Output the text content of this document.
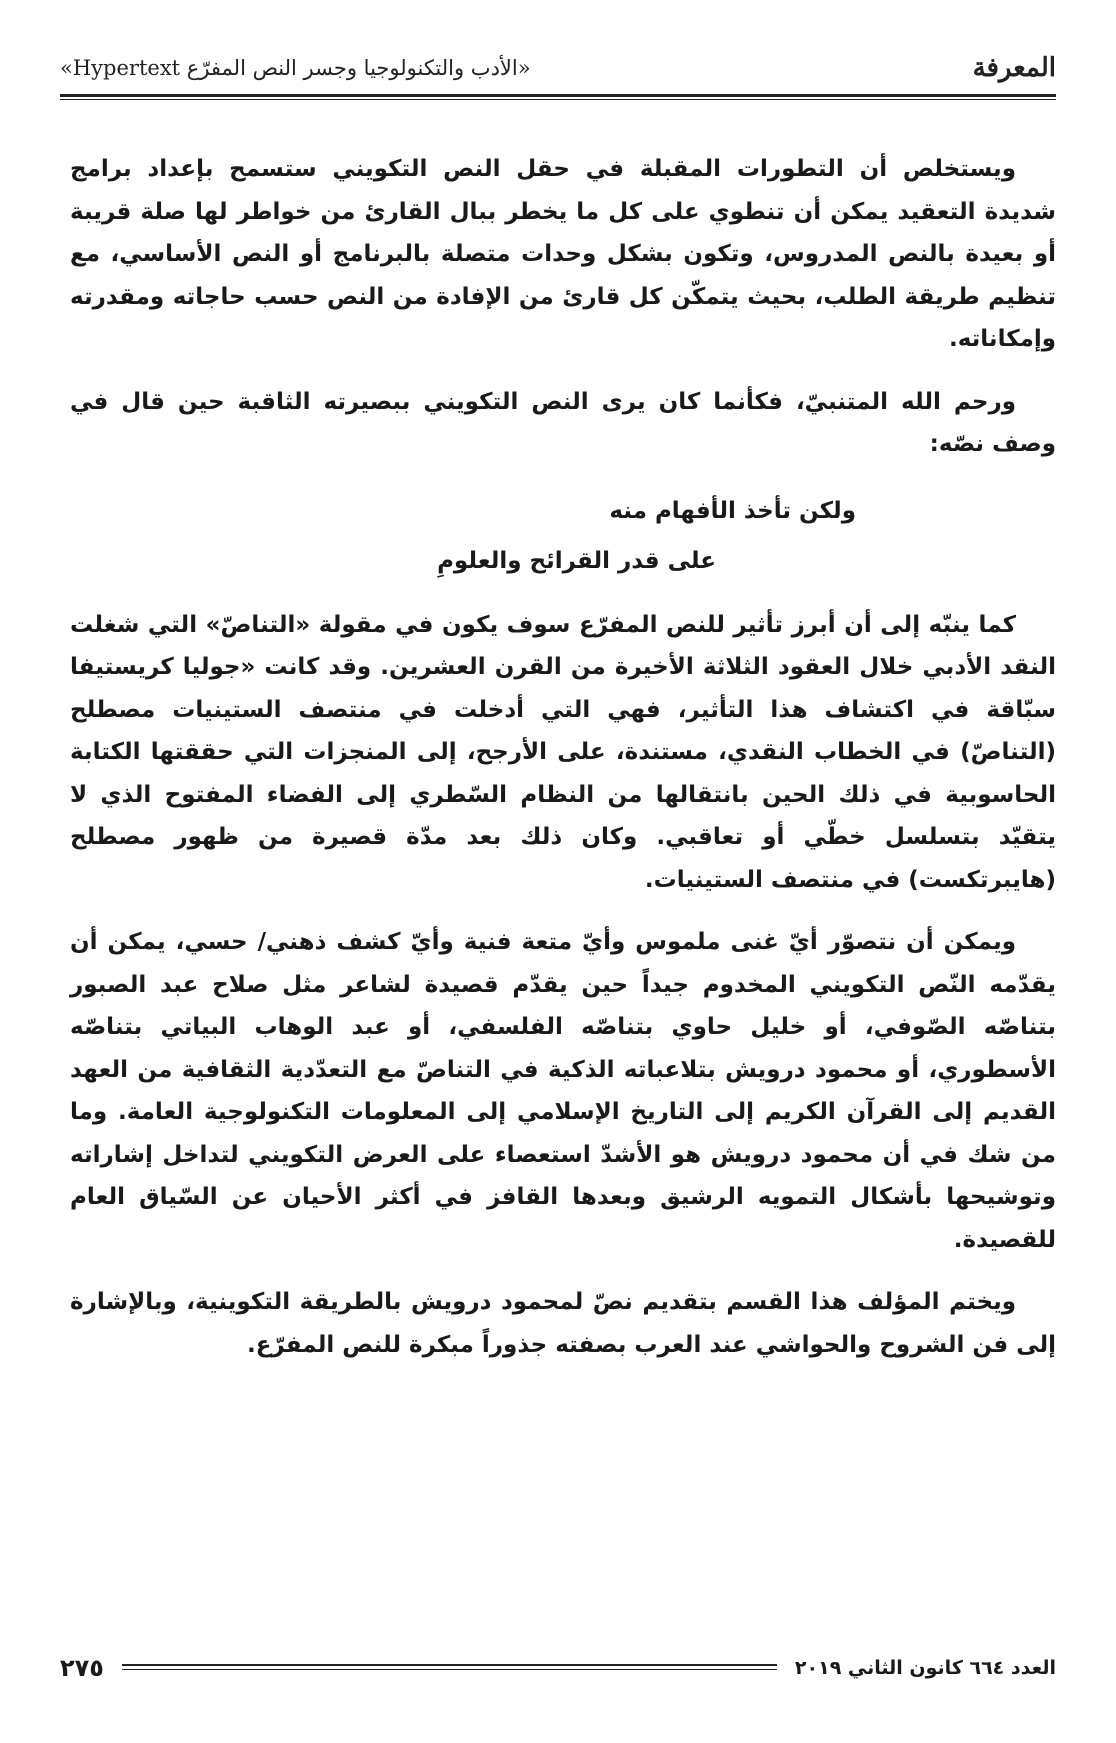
المعرفة
«الأدب والتكنولوجيا وجسر النص المفرّع Hypertext»

ويستخلص أن التطورات المقبلة في حقل النص التكويني ستسمح بإعداد برامج شديدة التعقيد يمكن أن تنطوي على كل ما يخطر ببال القارئ من خواطر لها صلة قريبة أو بعيدة بالنص المدروس، وتكون بشكل وحدات متصلة بالبرنامج أو النص الأساسي، مع تنظيم طريقة الطلب، بحيث يتمكّن كل قارئ من الإفادة من النص حسب حاجاته ومقدرته وإمكاناته.

ورحم الله المتنبيّ، فكأنما كان يرى النص التكويني ببصيرته الثاقبة حين قال في وصف نصّه:

ولكن تأخذ الأفهام منه
على قدر القرائح والعلومِ

كما ينبّه إلى أن أبرز تأثير للنص المفرّع سوف يكون في مقولة «التناصّ» التي شغلت النقد الأدبي خلال العقود الثلاثة الأخيرة من القرن العشرين. وقد كانت «جوليا كريستيفا سبّاقة في اكتشاف هذا التأثير، فهي التي أدخلت في منتصف الستينيات مصطلح (التناصّ) في الخطاب النقدي، مستندة، على الأرجح، إلى المنجزات التي حققتها الكتابة الحاسوبية في ذلك الحين بانتقالها من النظام السّطري إلى الفضاء المفتوح الذي لا يتقيّد بتسلسل خطّي أو تعاقبي. وكان ذلك بعد مدّة قصيرة من ظهور مصطلح (هايبرتكست) في منتصف الستينيات.

ويمكن أن نتصوّر أيّ غنى ملموس وأيّ متعة فنية وأيّ كشف ذهني/ حسي، يمكن أن يقدّمه النّص التكويني المخدوم جيداً حين يقدّم قصيدة لشاعر مثل صلاح عبد الصبور بتناصّه الصّوفي، أو خليل حاوي بتناصّه الفلسفي، أو عبد الوهاب البياتي بتناصّه الأسطوري، أو محمود درويش بتلاعباته الذكية في التناصّ مع التعدّدية الثقافية من العهد القديم إلى القرآن الكريم إلى التاريخ الإسلامي إلى المعلومات التكنولوجية العامة. وما من شك في أن محمود درويش هو الأشدّ استعصاء على العرض التكويني لتداخل إشاراته وتوشيحها بأشكال التمويه الرشيق وبعدها القافز في أكثر الأحيان عن السّياق العام للقصيدة.

ويختم المؤلف هذا القسم بتقديم نصّ لمحمود درويش بالطريقة التكوينية، وبالإشارة إلى فن الشروح والحواشي عند العرب بصفته جذوراً مبكرة للنص المفرّع.

العدد ٦٦٤ كانون الثاني ٢٠١٩
٢٧٥
